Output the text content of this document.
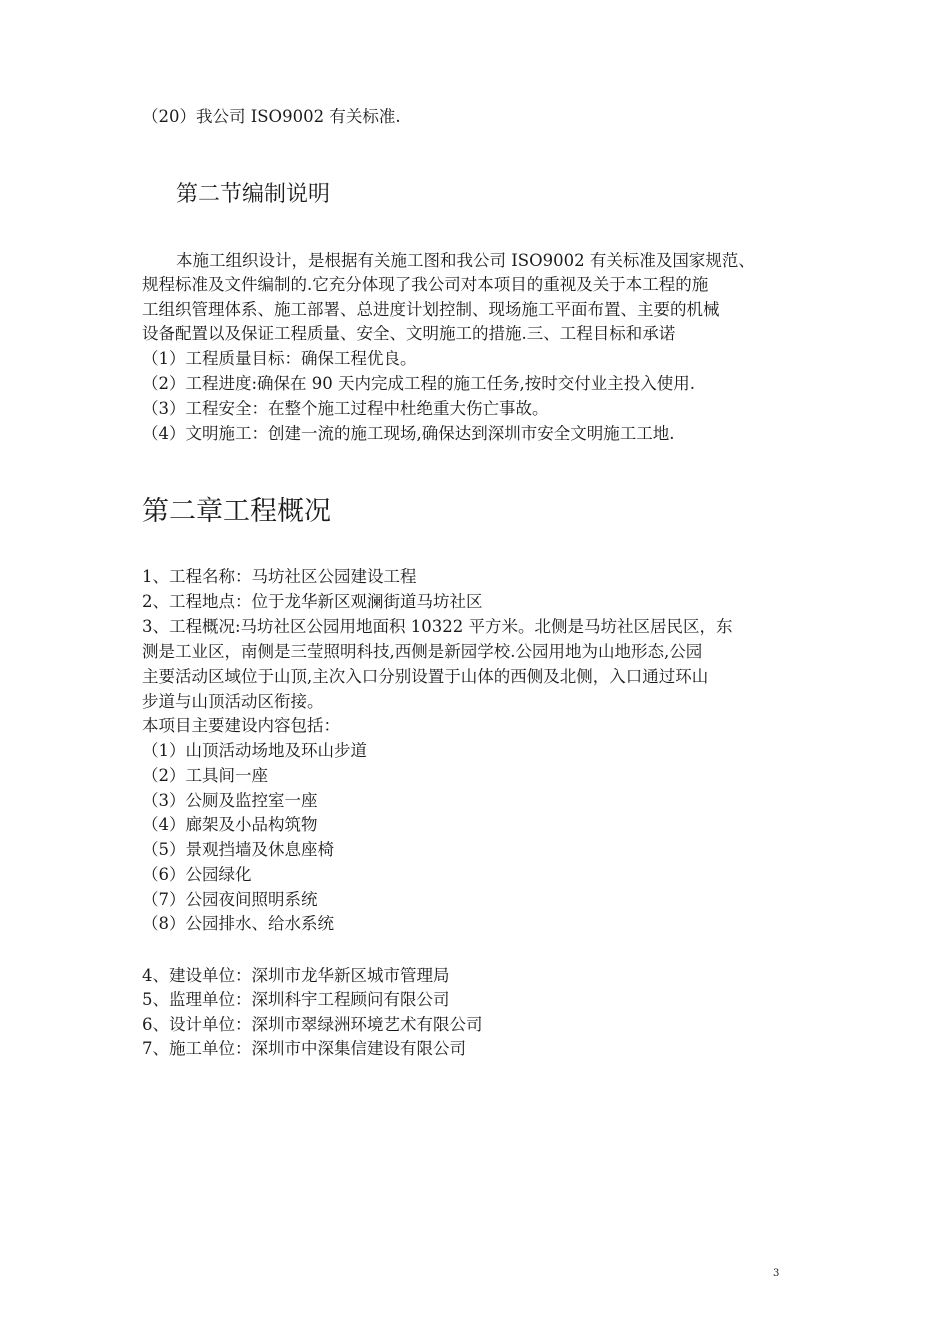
（20）我公司 ISO9002 有关标准.
第二节编制说明
本施工组织设计，是根据有关施工图和我公司 ISO9002 有关标准及国家规范、
规程标准及文件编制的.它充分体现了我公司对本项目的重视及关于本工程的施
工组织管理体系、施工部署、总进度计划控制、现场施工平面布置、主要的机械
设备配置以及保证工程质量、安全、文明施工的措施.三、工程目标和承诺
（1）工程质量目标：确保工程优良。
（2）工程进度:确保在 90 天内完成工程的施工任务,按时交付业主投入使用.
（3）工程安全：在整个施工过程中杜绝重大伤亡事故。
（4）文明施工：创建一流的施工现场,确保达到深圳市安全文明施工工地.
第二章工程概况
1、工程名称：马坊社区公园建设工程
2、工程地点：位于龙华新区观澜街道马坊社区
3、工程概况:马坊社区公园用地面积 10322 平方米。北侧是马坊社区居民区，东
测是工业区，南侧是三莹照明科技,西侧是新园学校.公园用地为山地形态,公园
主要活动区域位于山顶,主次入口分别设置于山体的西侧及北侧，入口通过环山
步道与山顶活动区衔接。
本项目主要建设内容包括：
（1）山顶活动场地及环山步道
（2）工具间一座
（3）公厕及监控室一座
（4）廊架及小品构筑物
（5）景观挡墙及休息座椅
（6）公园绿化
（7）公园夜间照明系统
（8）公园排水、给水系统
4、建设单位：深圳市龙华新区城市管理局
5、监理单位：深圳科宇工程顾问有限公司
6、设计单位：深圳市翠绿洲环境艺术有限公司
7、施工单位：深圳市中深集信建设有限公司
3
